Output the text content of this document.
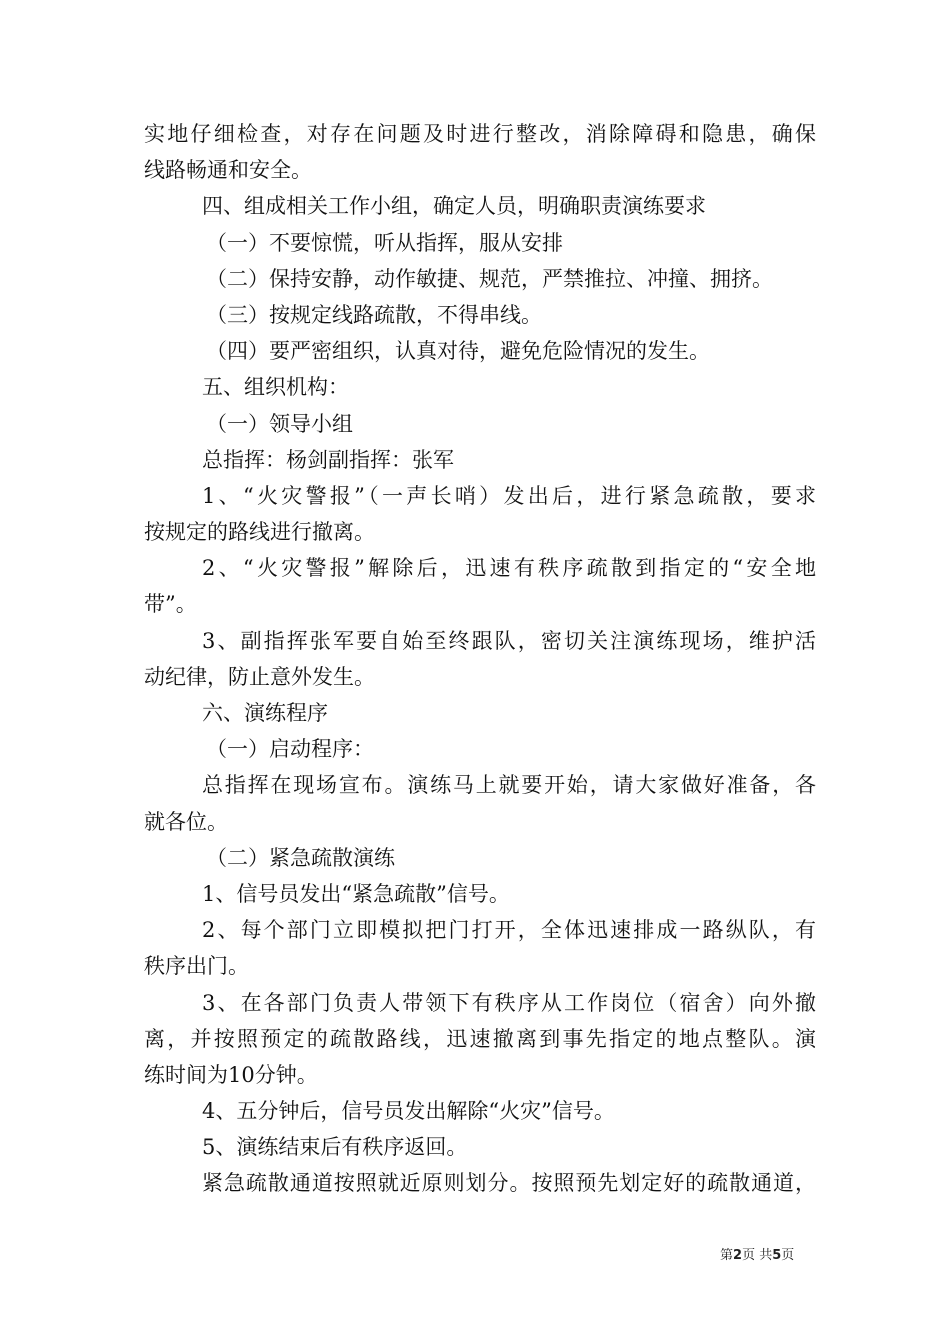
实地仔细检查，对存在问题及时进行整改，消除障碍和隐患，确保
线路畅通和安全。
四、组成相关工作小组，确定人员，明确职责演练要求
（一）不要惊慌，听从指挥，服从安排
（二）保持安静，动作敏捷、规范，严禁推拉、冲撞、拥挤。
（三）按规定线路疏散，不得串线。
（四）要严密组织，认真对待，避免危险情况的发生。
五、组织机构：
（一）领导小组
总指挥：杨剑副指挥：张军
1、“火灾警报”（一声长哨）发出后，进行紧急疏散，要求
按规定的路线进行撤离。
2、“火灾警报”解除后，迅速有秩序疏散到指定的“安全地
带”。
3、副指挥张军要自始至终跟队，密切关注演练现场，维护活
动纪律，防止意外发生。
六、演练程序
（一）启动程序：
总指挥在现场宣布。演练马上就要开始，请大家做好准备，各
就各位。
（二）紧急疏散演练
1、信号员发出“紧急疏散”信号。
2、每个部门立即模拟把门打开，全体迅速排成一路纵队，有
秩序出门。
3、在各部门负责人带领下有秩序从工作岗位（宿舍）向外撤
离，并按照预定的疏散路线，迅速撤离到事先指定的地点整队。演
练时间为10分钟。
4、五分钟后，信号员发出解除“火灾”信号。
5、演练结束后有秩序返回。
紧急疏散通道按照就近原则划分。按照预先划定好的疏散通道，
第2页 共5页
